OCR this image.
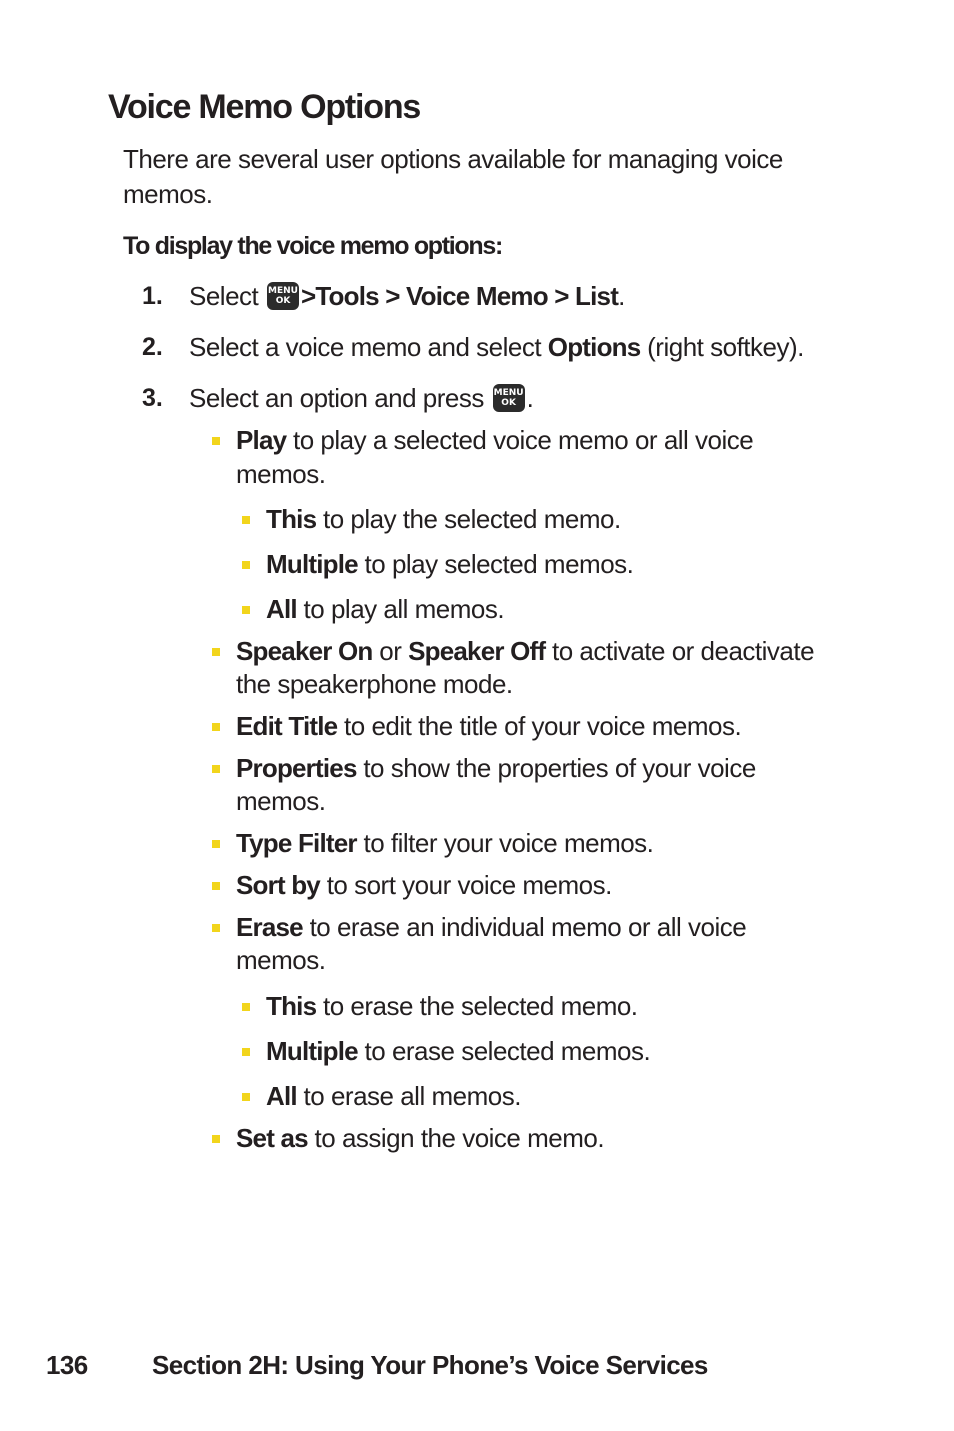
Voice Memo Options
There are several user options available for managing voice
memos.
To display the voice memo options:
1. Select MENU
OK >Tools > Voice Memo > List.
2. Select a voice memo and select Options (right softkey).
3. Select an option and press MENU
OK .
Play to play a selected voice memo or all voice
memos.
This to play the selected memo.
Multiple to play selected memos.
All to play all memos.
Speaker On or Speaker Off to activate or deactivate
the speakerphone mode.
Edit Title to edit the title of your voice memos.
Properties to show the properties of your voice
memos.
Type Filter to filter your voice memos.
Sort by to sort your voice memos.
Erase to erase an individual memo or all voice
memos.
This to erase the selected memo.
Multiple to erase selected memos.
All to erase all memos.
Set as to assign the voice memo.
136 Section 2H: Using Your Phone’s Voice Services
